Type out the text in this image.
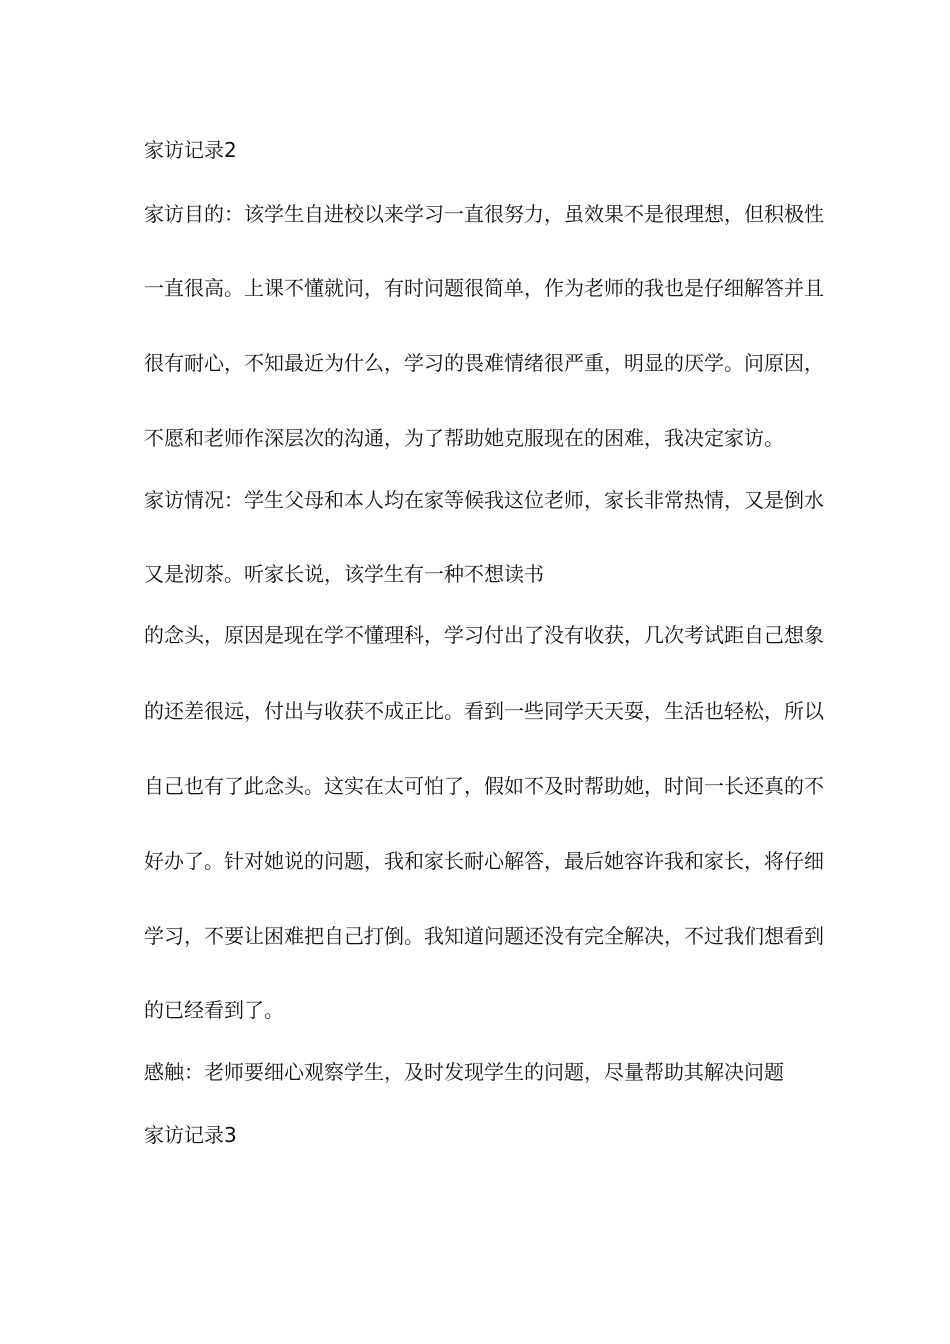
家访记录2
家访目的：该学生自进校以来学习一直很努力，虽效果不是很理想，但积极性
一直很高。上课不懂就问，有时问题很简单，作为老师的我也是仔细解答并且
很有耐心，不知最近为什么，学习的畏难情绪很严重，明显的厌学。问原因，
不愿和老师作深层次的沟通，为了帮助她克服现在的困难，我决定家访。
家访情况：学生父母和本人均在家等候我这位老师，家长非常热情，又是倒水
又是沏茶。听家长说，该学生有一种不想读书
的念头，原因是现在学不懂理科，学习付出了没有收获，几次考试距自己想象
的还差很远，付出与收获不成正比。看到一些同学天天耍，生活也轻松，所以
自己也有了此念头。这实在太可怕了，假如不及时帮助她，时间一长还真的不
好办了。针对她说的问题，我和家长耐心解答，最后她容许我和家长，将仔细
学习，不要让困难把自己打倒。我知道问题还没有完全解决，不过我们想看到
的已经看到了。
感触：老师要细心观察学生，及时发现学生的问题，尽量帮助其解决问题
家访记录3
